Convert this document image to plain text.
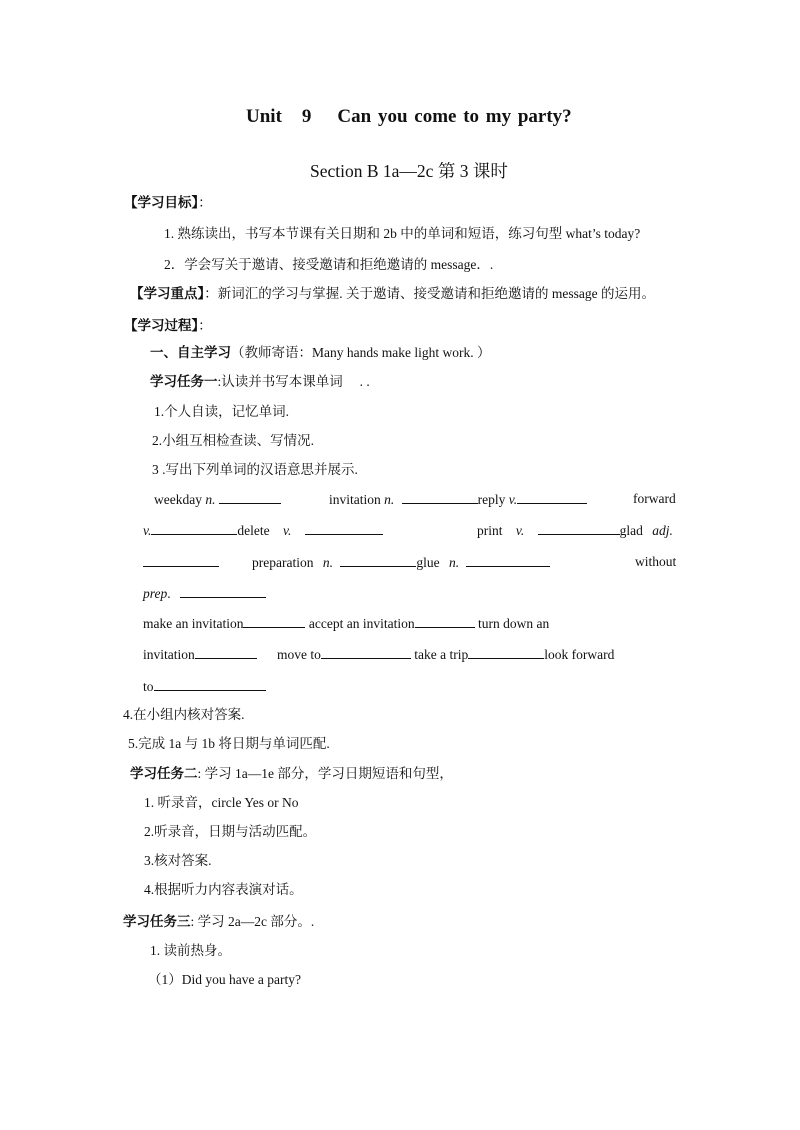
Unit 9 Can you come to my party?
Section B 1a—2c 第 3 课时
【学习目标】：
1. 熟练读出，书写本节课有关日期和 2b 中的单词和短语，练习句型 what’s today?
2．学会写关于邀请、接受邀请和拒绝邀请的 message．.
【学习重点】：新词汇的学习与掌握. 关于邀请、接受邀请和拒绝邀请的 message 的运用。
【学习过程】：
一、自主学习（教师寄语：Many hands make light work. ）
学习任务一:认读并书写本课单词　 . .
1.个人自读，记忆单词.
2.小组互相检查读、写情况.
3 .写出下列单词的汉语意思并展示.
weekday n.	invitation n.	reply v.	forward
v.	delete v.	print v.	glad adj.
preparation n.	glue n.	without
prep.
make an invitation	accept an invitation	turn down an
invitation	move to	take a trip	look forward
to
4.在小组内核对答案.
5.完成 1a 与 1b 将日期与单词匹配.
学习任务二: 学习 1a—1e 部分，学习日期短语和句型，
1. 听录音，circle Yes or No
2.听录音，日期与活动匹配。
3.核对答案.
4.根据听力内容表演对话。
学习任务三: 学习 2a—2c 部分。.
1. 读前热身。
（1）Did you have a party?
